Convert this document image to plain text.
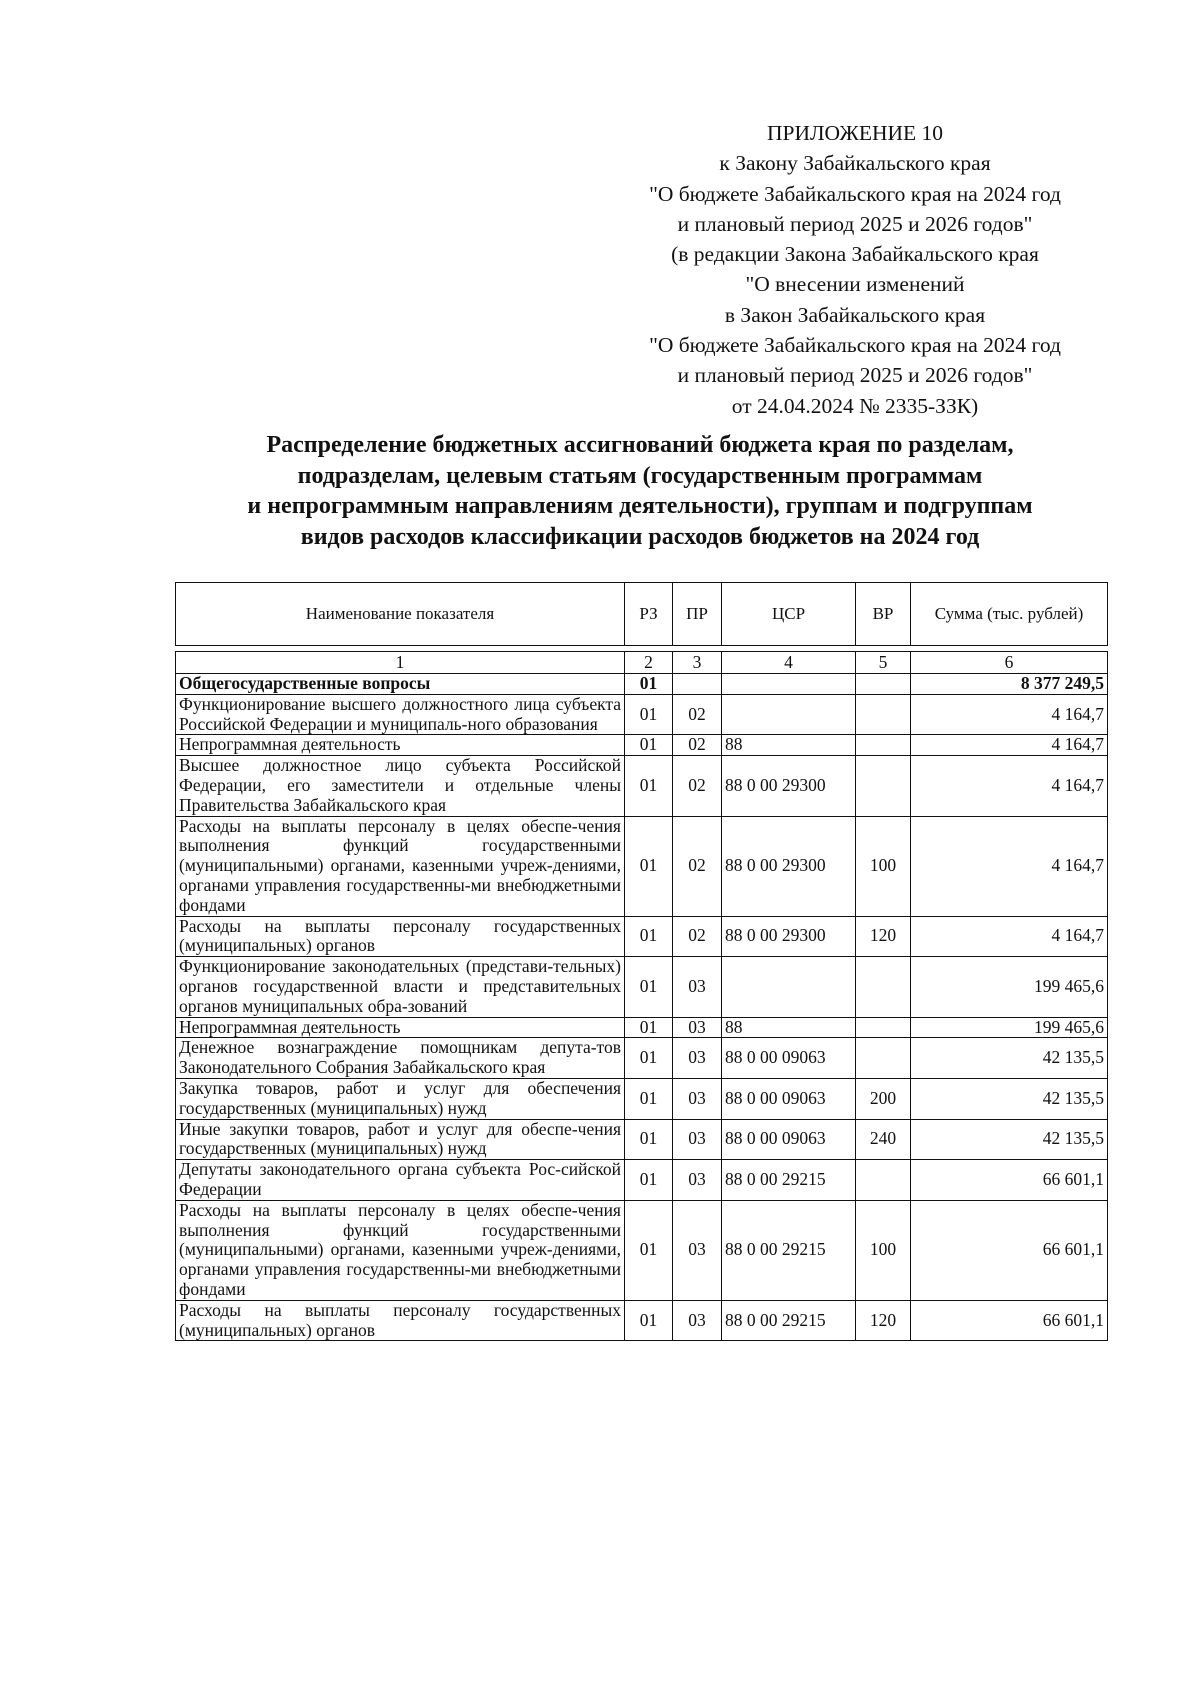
ПРИЛОЖЕНИЕ 10
к Закону Забайкальского края
"О бюджете Забайкальского края на 2024 год
и плановый период 2025 и 2026 годов"
(в редакции Закона Забайкальского края
"О внесении изменений
в Закон Забайкальского края
"О бюджете Забайкальского края на 2024 год
и плановый период 2025 и 2026 годов"
от 24.04.2024 № 2335-ЗЗК)
Распределение бюджетных ассигнований бюджета края по разделам,
подразделам, целевым статьям (государственным программам
и непрограммным направлениям деятельности), группам и подгруппам
видов расходов классификации расходов бюджетов на 2024 год
Наименование показателя	РЗ	ПР	ЦСР	ВР	Сумма (тыс. рублей)

1	2	3	4	5	6
Общегосударственные вопросы	01				8 377 249,5
Функционирование высшего должностного лица субъекта Российской Федерации и муниципаль-ного образования	01	02			4 164,7
Непрограммная деятельность	01	02	88		4 164,7
Высшее должностное лицо субъекта Российской Федерации, его заместители и отдельные члены Правительства Забайкальского края	01	02	88 0 00 29300		4 164,7
Расходы на выплаты персоналу в целях обеспе-чения выполнения функций государственными (муниципальными) органами, казенными учреж-дениями, органами управления государственны-ми внебюджетными фондами	01	02	88 0 00 29300	100	4 164,7
Расходы на выплаты персоналу государственных (муниципальных) органов	01	02	88 0 00 29300	120	4 164,7
Функционирование законодательных (представи-тельных) органов государственной власти и представительных органов муниципальных обра-зований	01	03			199 465,6
Непрограммная деятельность	01	03	88		199 465,6
Денежное вознаграждение помощникам депута-тов Законодательного Собрания Забайкальского края	01	03	88 0 00 09063		42 135,5
Закупка товаров, работ и услуг для обеспечения государственных (муниципальных) нужд	01	03	88 0 00 09063	200	42 135,5
Иные закупки товаров, работ и услуг для обеспе-чения государственных (муниципальных) нужд	01	03	88 0 00 09063	240	42 135,5
Депутаты законодательного органа субъекта Рос-сийской Федерации	01	03	88 0 00 29215		66 601,1
Расходы на выплаты персоналу в целях обеспе-чения выполнения функций государственными (муниципальными) органами, казенными учреж-дениями, органами управления государственны-ми внебюджетными фондами	01	03	88 0 00 29215	100	66 601,1
Расходы на выплаты персоналу государственных (муниципальных) органов	01	03	88 0 00 29215	120	66 601,1
